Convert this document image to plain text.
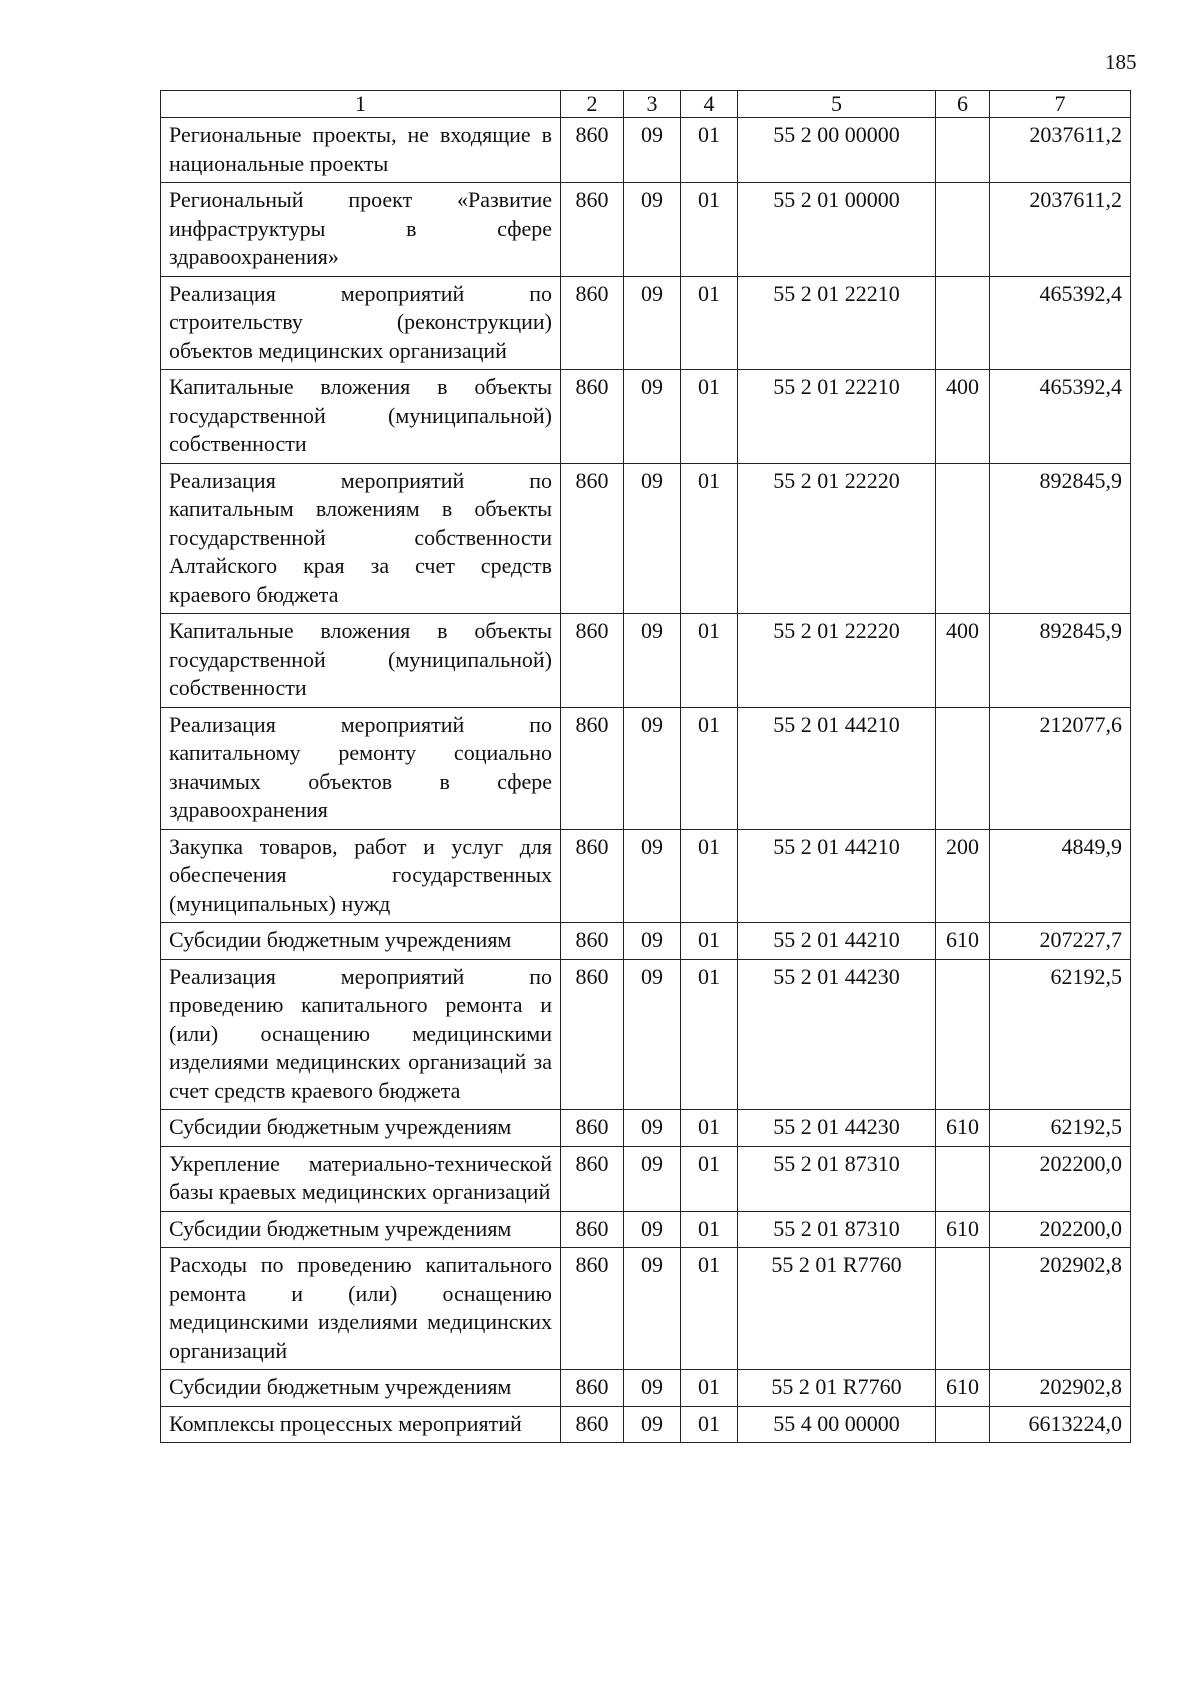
185
1	2	3	4	5	6	7
Региональные проекты, не входящие в национальные проекты	860	09	01	55 2 00 00000		2037611,2
Региональный проект «Развитие инфраструктуры в сфере здравоохранения»	860	09	01	55 2 01 00000		2037611,2
Реализация мероприятий по строительству (реконструкции) объектов медицинских организаций	860	09	01	55 2 01 22210		465392,4
Капитальные вложения в объекты государственной (муниципальной) собственности	860	09	01	55 2 01 22210	400	465392,4
Реализация мероприятий по капитальным вложениям в объекты государственной собственности Алтайского края за счет средств краевого бюджета	860	09	01	55 2 01 22220		892845,9
Капитальные вложения в объекты государственной (муниципальной) собственности	860	09	01	55 2 01 22220	400	892845,9
Реализация мероприятий по капитальному ремонту социально значимых объектов в сфере здравоохранения	860	09	01	55 2 01 44210		212077,6
Закупка товаров, работ и услуг для обеспечения государственных (муниципальных) нужд	860	09	01	55 2 01 44210	200	4849,9
Субсидии бюджетным учреждениям	860	09	01	55 2 01 44210	610	207227,7
Реализация мероприятий по проведению капитального ремонта и (или) оснащению медицинскими изделиями медицинских организаций за счет средств краевого бюджета	860	09	01	55 2 01 44230		62192,5
Субсидии бюджетным учреждениям	860	09	01	55 2 01 44230	610	62192,5
Укрепление материально-технической базы краевых медицинских организаций	860	09	01	55 2 01 87310		202200,0
Субсидии бюджетным учреждениям	860	09	01	55 2 01 87310	610	202200,0
Расходы по проведению капитального ремонта и (или) оснащению медицинскими изделиями медицинских организаций	860	09	01	55 2 01 R7760		202902,8
Субсидии бюджетным учреждениям	860	09	01	55 2 01 R7760	610	202902,8
Комплексы процессных мероприятий	860	09	01	55 4 00 00000		6613224,0
